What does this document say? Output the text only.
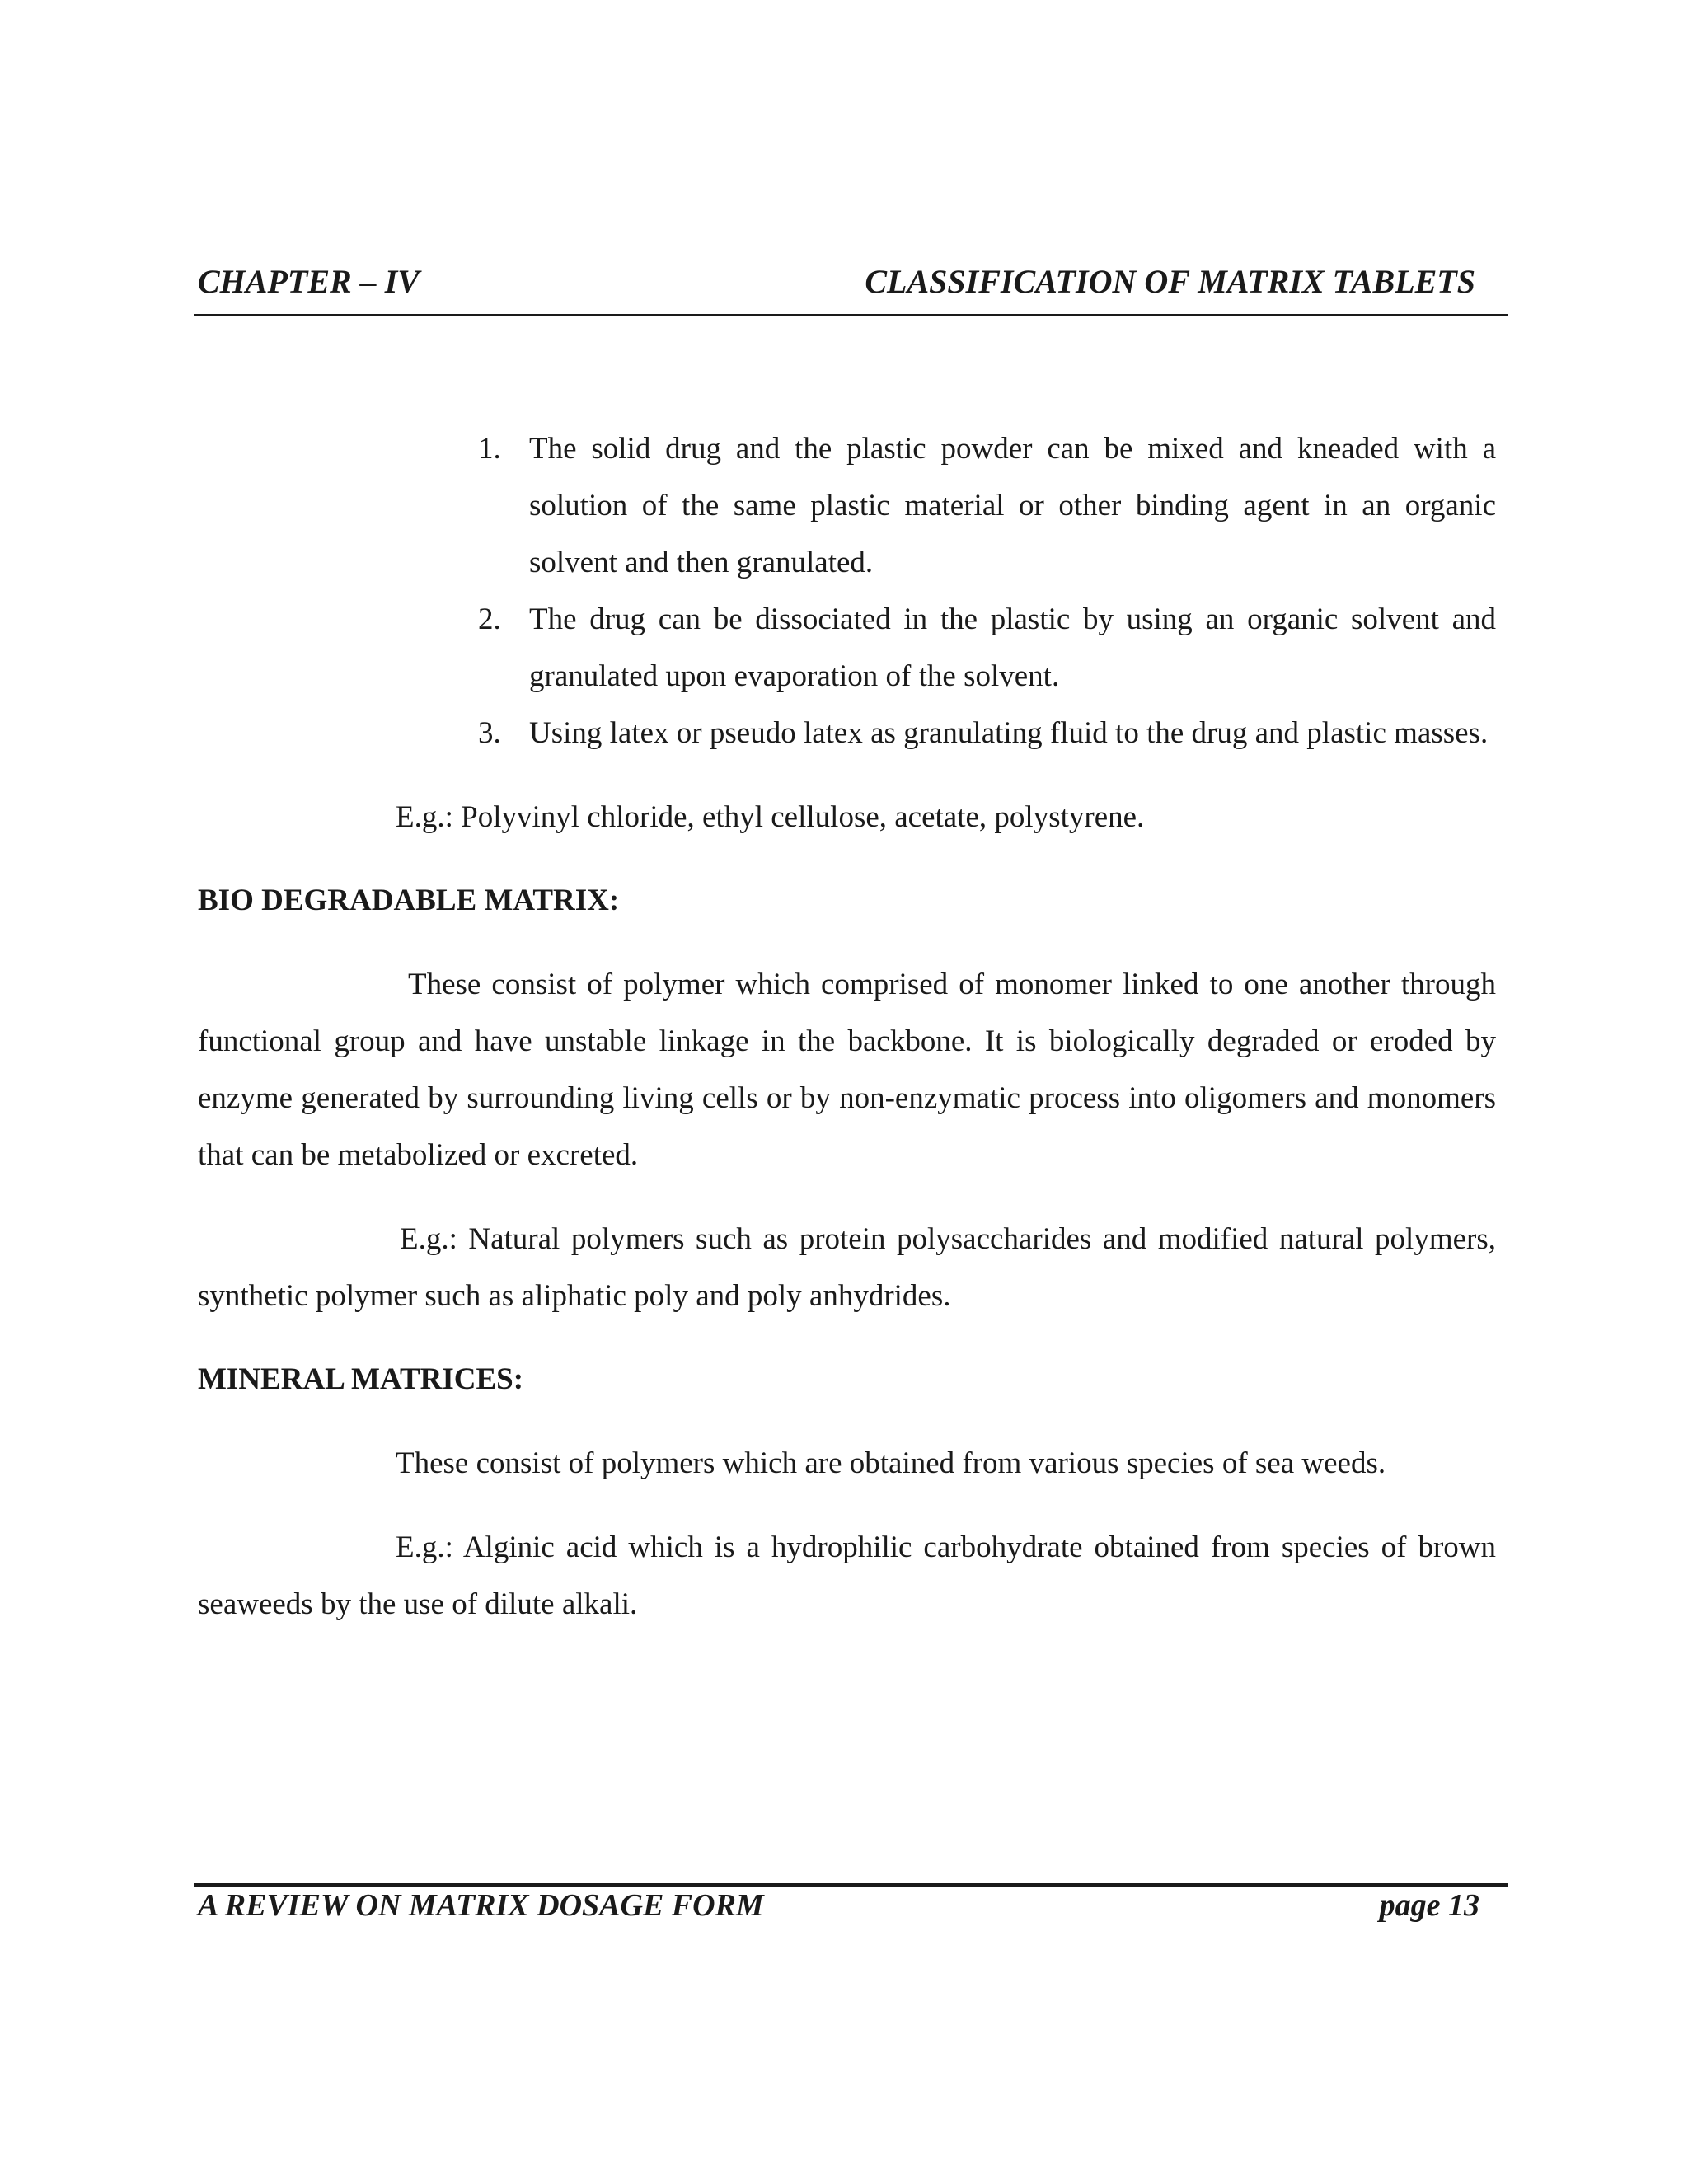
CHAPTER – IV	CLASSIFICATION OF MATRIX TABLETS
1. The solid drug and the plastic powder can be mixed and kneaded with a solution of the same plastic material or other binding agent in an organic solvent and then granulated.
2. The drug can be dissociated in the plastic by using an organic solvent and granulated upon evaporation of the solvent.
3. Using latex or pseudo latex as granulating fluid to the drug and plastic masses.
E.g.: Polyvinyl chloride, ethyl cellulose, acetate, polystyrene.
BIO DEGRADABLE MATRIX:
These consist of polymer which comprised of monomer linked to one another through functional group and have unstable linkage in the backbone. It is biologically degraded or eroded by enzyme generated by surrounding living cells or by non-enzymatic process into oligomers and monomers that can be metabolized or excreted.
E.g.: Natural polymers such as protein polysaccharides and modified natural polymers, synthetic polymer such as aliphatic poly and poly anhydrides.
MINERAL MATRICES:
These consist of polymers which are obtained from various species of sea weeds.
E.g.: Alginic acid which is a hydrophilic carbohydrate obtained from species of brown seaweeds by the use of dilute alkali.
A REVIEW ON MATRIX DOSAGE FORM	page 13
